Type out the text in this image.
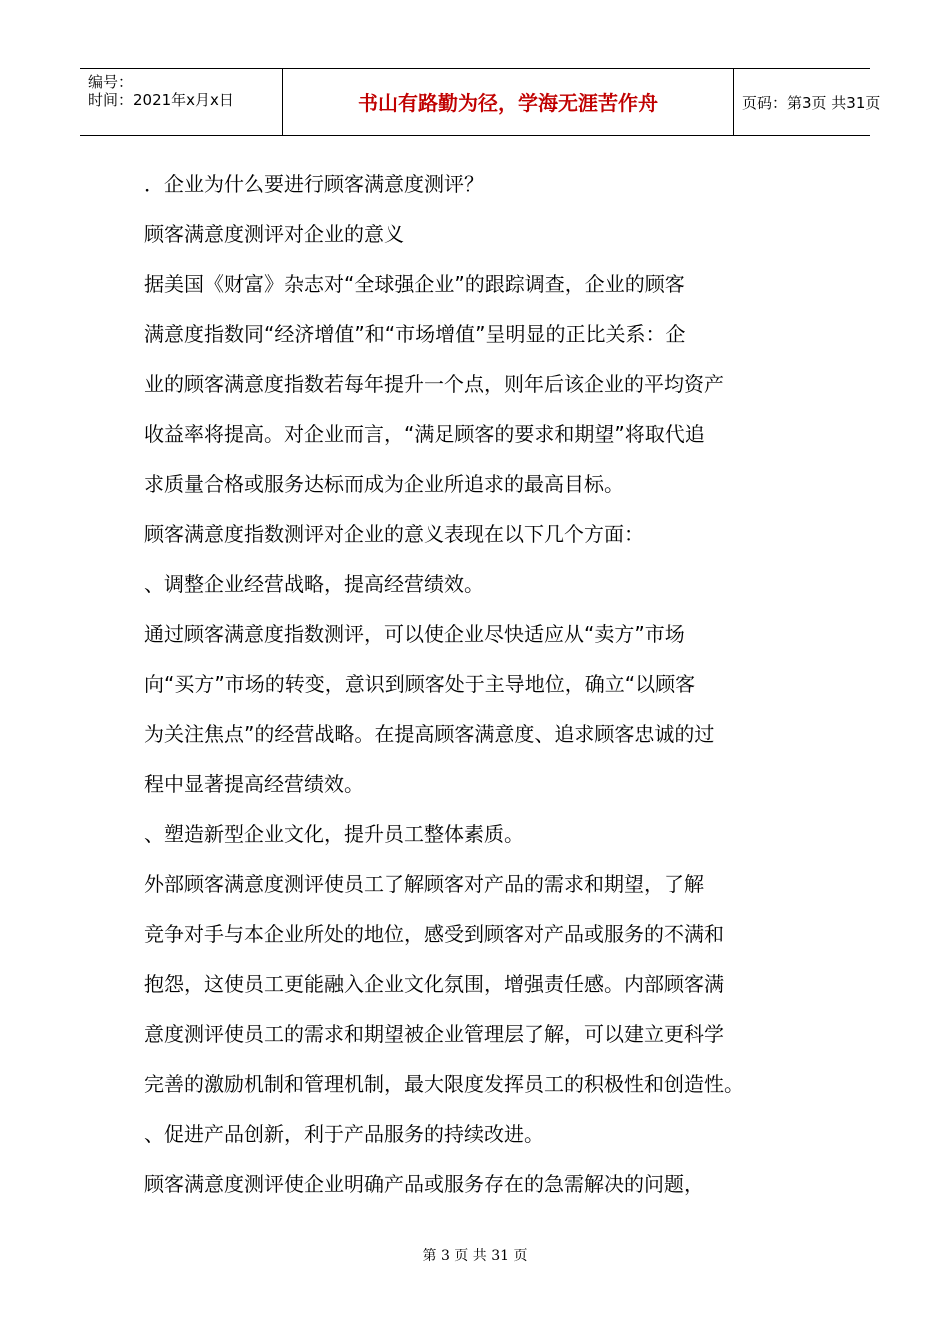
编号：
时间：2021年x月x日	书山有路勤为径，学海无涯苦作舟	页码：第3页 共31页
．企业为什么要进行顾客满意度测评？
顾客满意度测评对企业的意义
据美国《财富》杂志对“全球强企业”的跟踪调查，企业的顾客
满意度指数同“经济增值”和“市场增值”呈明显的正比关系：企
业的顾客满意度指数若每年提升一个点，则年后该企业的平均资产
收益率将提高。对企业而言，“满足顾客的要求和期望”将取代追
求质量合格或服务达标而成为企业所追求的最高目标。
顾客满意度指数测评对企业的意义表现在以下几个方面：
、调整企业经营战略，提高经营绩效。
通过顾客满意度指数测评，可以使企业尽快适应从“卖方”市场
向“买方”市场的转变，意识到顾客处于主导地位，确立“以顾客
为关注焦点”的经营战略。在提高顾客满意度、追求顾客忠诚的过
程中显著提高经营绩效。
、塑造新型企业文化，提升员工整体素质。
外部顾客满意度测评使员工了解顾客对产品的需求和期望，了解
竞争对手与本企业所处的地位，感受到顾客对产品或服务的不满和
抱怨，这使员工更能融入企业文化氛围，增强责任感。内部顾客满
意度测评使员工的需求和期望被企业管理层了解，可以建立更科学
完善的激励机制和管理机制，最大限度发挥员工的积极性和创造性。
、促进产品创新，利于产品服务的持续改进。
顾客满意度测评使企业明确产品或服务存在的急需解决的问题，
第 3 页 共 31 页
